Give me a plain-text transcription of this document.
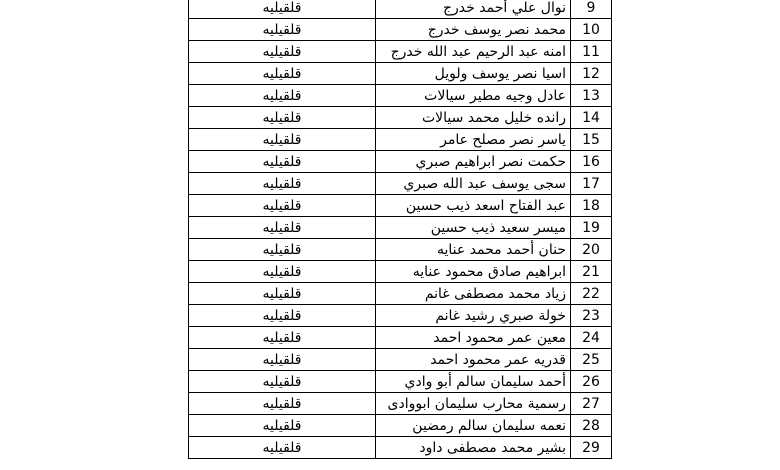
قلقيليه	نوال علي أحمد خدرج	9
قلقيليه	محمد نصر يوسف خدرج	10
قلقيليه	امنه عبد الرحيم عبد الله خدرج	11
قلقيليه	اسيا نصر يوسف ولويل	12
قلقيليه	عادل وجيه مطير سيالات	13
قلقيليه	رانده خليل محمد سيالات	14
قلقيليه	ياسر نصر مصلح عامر	15
قلقيليه	حكمت نصر ابراهيم صبري	16
قلقيليه	سجى يوسف عبد الله صبري	17
قلقيليه	عبد الفتاح اسعد ذيب حسين	18
قلقيليه	ميسر سعيد ذيب حسين	19
قلقيليه	حنان أحمد محمد عنايه	20
قلقيليه	ابراهيم صادق محمود عنايه	21
قلقيليه	زياد محمد مصطفى غانم	22
قلقيليه	خولة صبري رشيد غانم	23
قلقيليه	معين عمر محمود احمد	24
قلقيليه	قدريه عمر محمود احمد	25
قلقيليه	أحمد سليمان سالم أبو وادي	26
قلقيليه	رسمية محارب سليمان ابووادى	27
قلقيليه	نعمه سليمان سالم رمضين	28
قلقيليه	بشير محمد مصطفى داود	29
